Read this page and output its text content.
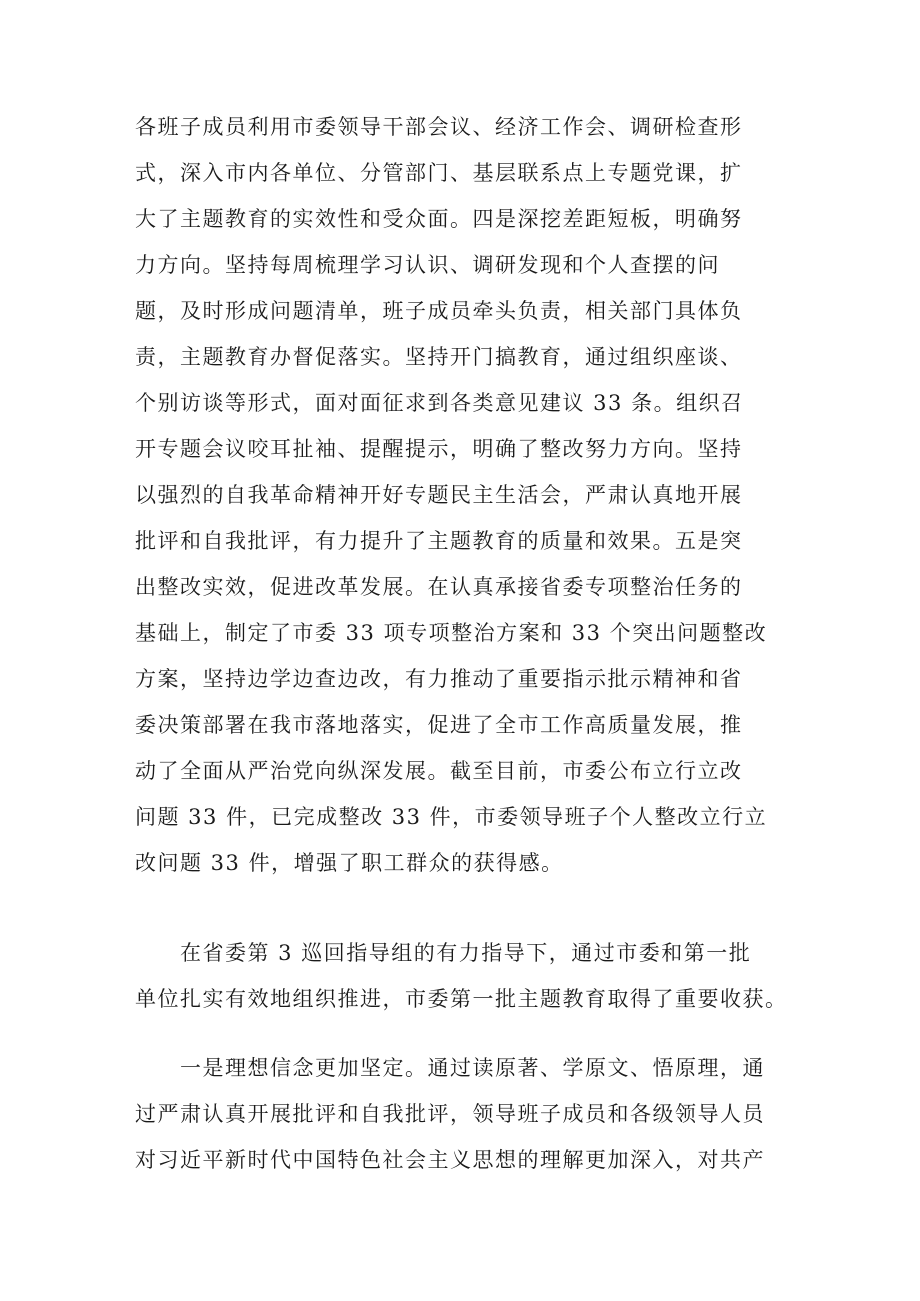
各班子成员利用市委领导干部会议、经济工作会、调研检查形
式，深入市内各单位、分管部门、基层联系点上专题党课，扩
大了主题教育的实效性和受众面。四是深挖差距短板，明确努
力方向。坚持每周梳理学习认识、调研发现和个人查摆的问
题，及时形成问题清单，班子成员牵头负责，相关部门具体负
责，主题教育办督促落实。坚持开门搞教育，通过组织座谈、
个别访谈等形式，面对面征求到各类意见建议 33 条。组织召
开专题会议咬耳扯袖、提醒提示，明确了整改努力方向。坚持
以强烈的自我革命精神开好专题民主生活会，严肃认真地开展
批评和自我批评，有力提升了主题教育的质量和效果。五是突
出整改实效，促进改革发展。在认真承接省委专项整治任务的
基础上，制定了市委 33 项专项整治方案和 33 个突出问题整改
方案，坚持边学边查边改，有力推动了重要指示批示精神和省
委决策部署在我市落地落实，促进了全市工作高质量发展，推
动了全面从严治党向纵深发展。截至目前，市委公布立行立改
问题 33 件，已完成整改 33 件，市委领导班子个人整改立行立
改问题 33 件，增强了职工群众的获得感。
　　在省委第 3 巡回指导组的有力指导下，通过市委和第一批
单位扎实有效地组织推进，市委第一批主题教育取得了重要收获。
　　一是理想信念更加坚定。通过读原著、学原文、悟原理，通
过严肃认真开展批评和自我批评，领导班子成员和各级领导人员
对习近平新时代中国特色社会主义思想的理解更加深入，对共产
